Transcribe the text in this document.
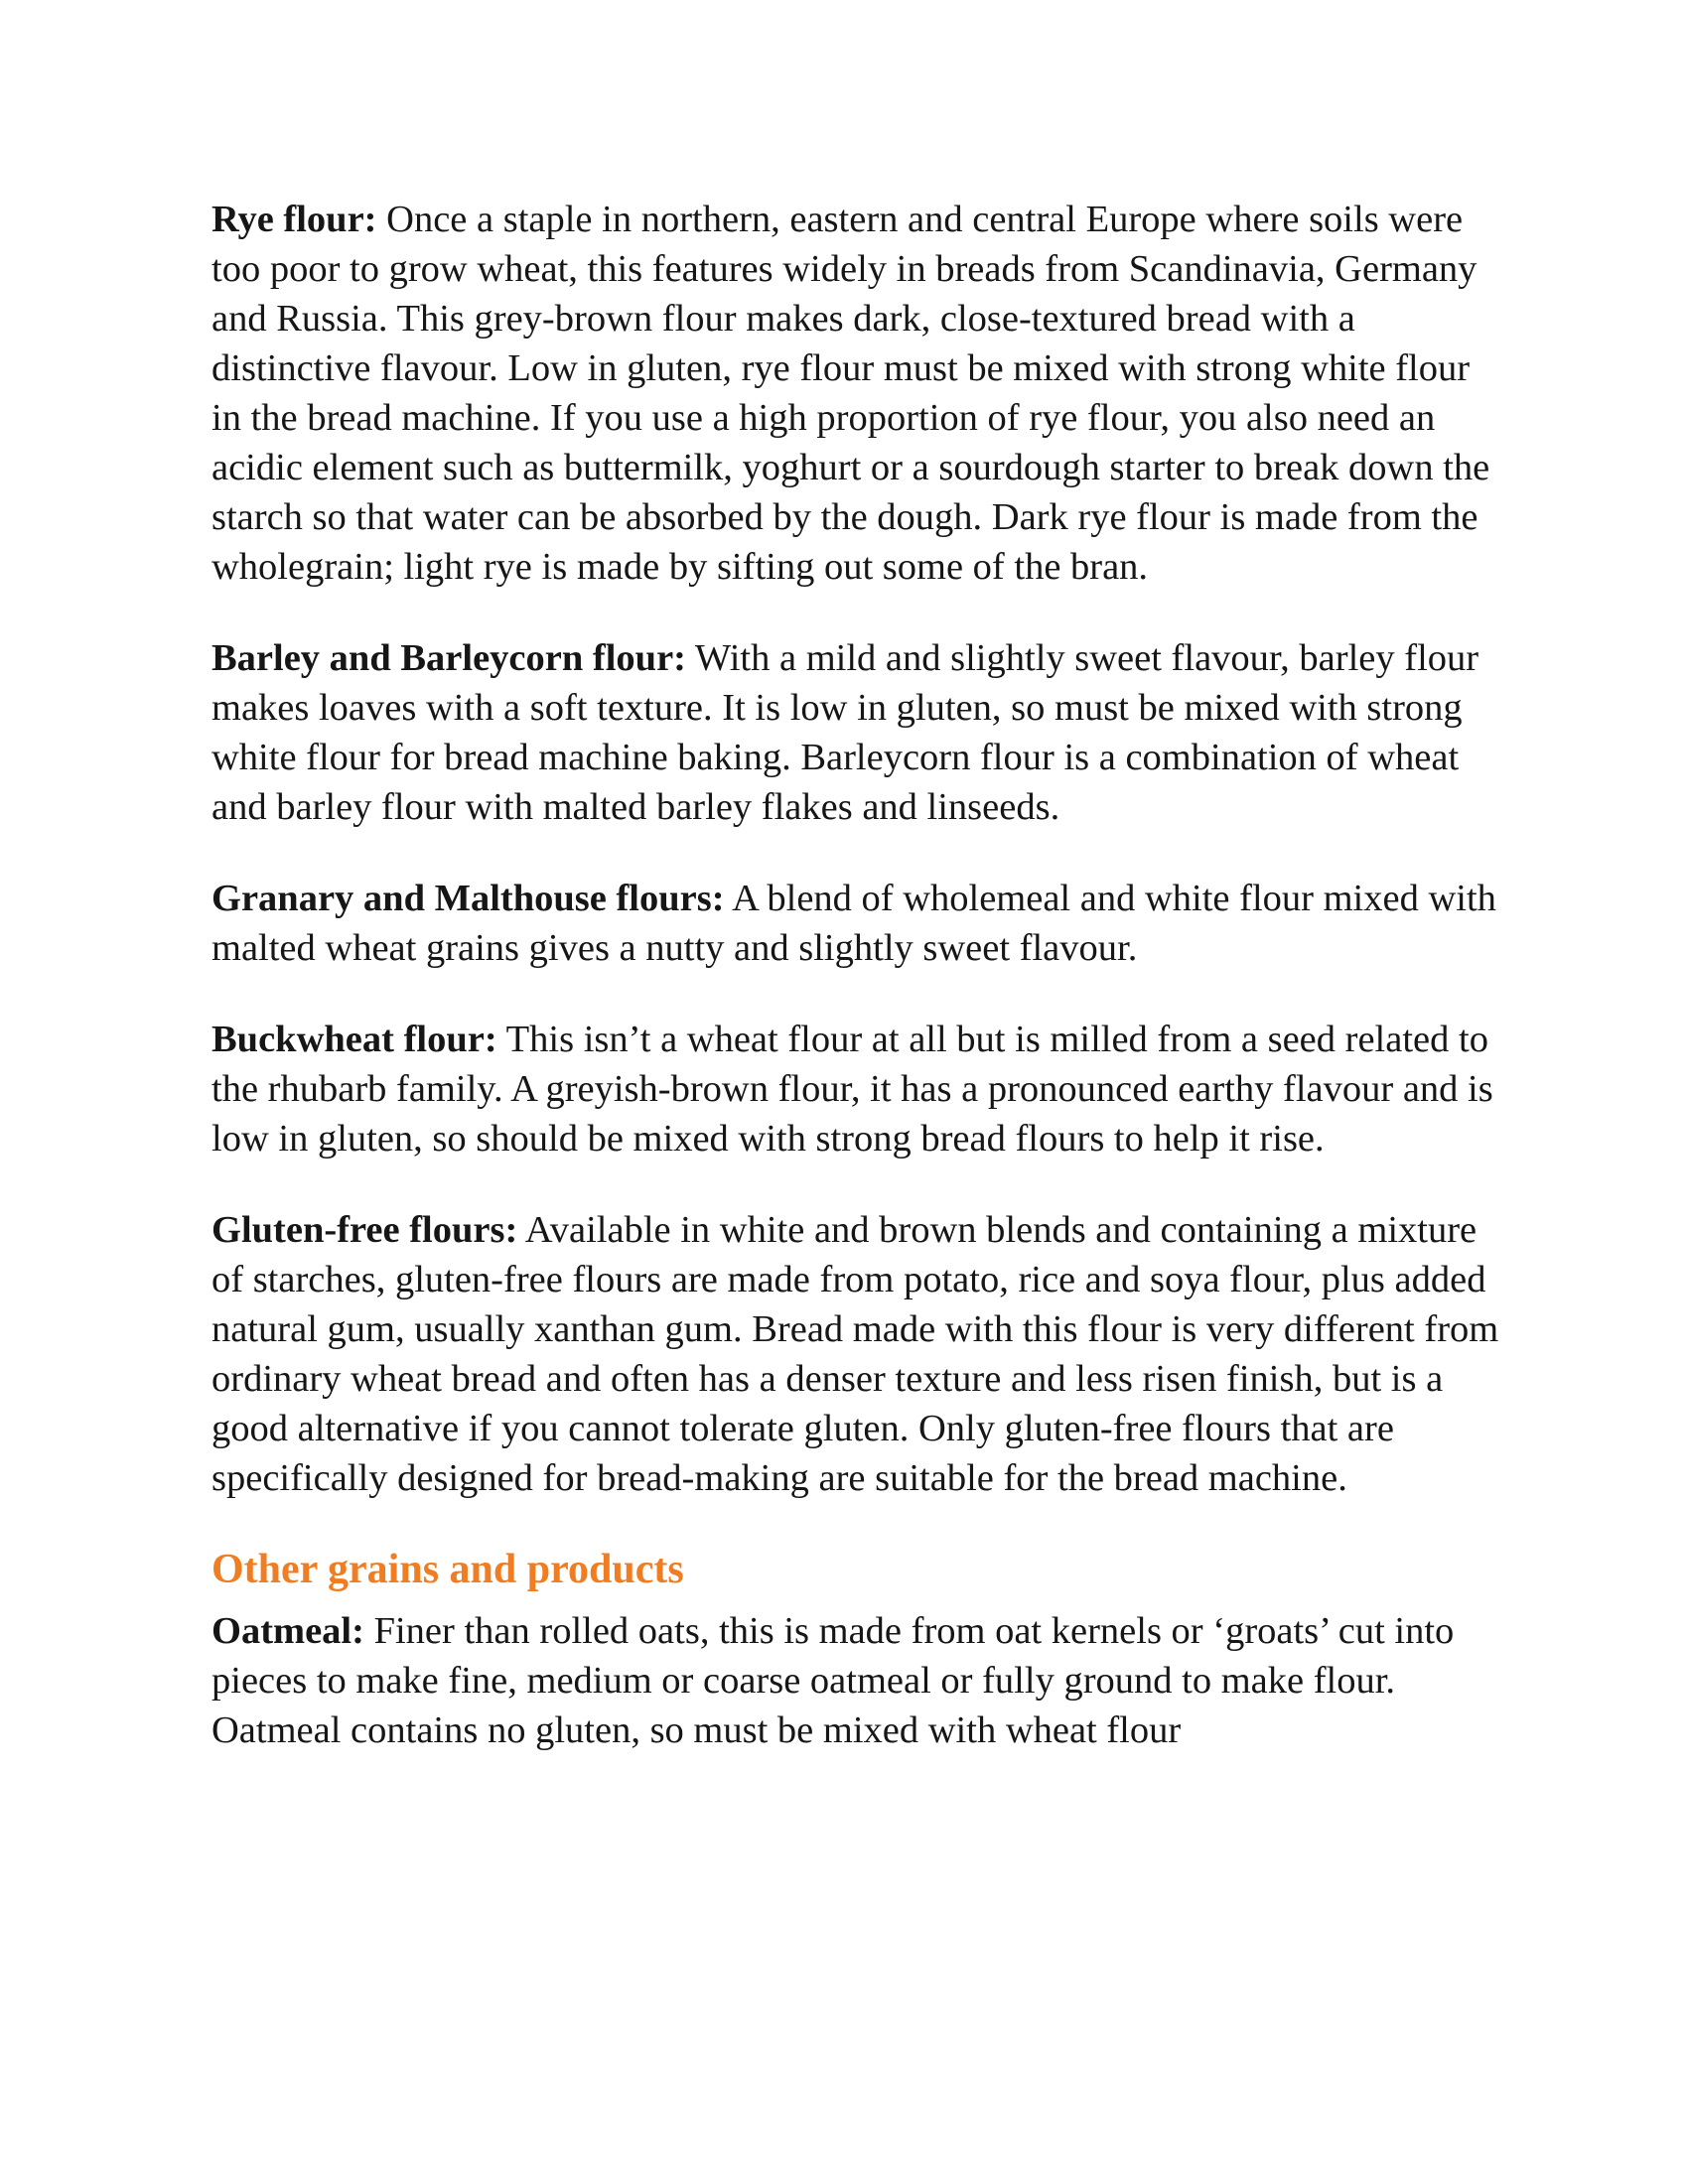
Rye flour: Once a staple in northern, eastern and central Europe where soils were too poor to grow wheat, this features widely in breads from Scandinavia, Germany and Russia. This grey-brown flour makes dark, close-textured bread with a distinctive flavour. Low in gluten, rye flour must be mixed with strong white flour in the bread machine. If you use a high proportion of rye flour, you also need an acidic element such as buttermilk, yoghurt or a sourdough starter to break down the starch so that water can be absorbed by the dough. Dark rye flour is made from the wholegrain; light rye is made by sifting out some of the bran.

Barley and Barleycorn flour: With a mild and slightly sweet flavour, barley flour makes loaves with a soft texture. It is low in gluten, so must be mixed with strong white flour for bread machine baking. Barleycorn flour is a combination of wheat and barley flour with malted barley flakes and linseeds.

Granary and Malthouse flours: A blend of wholemeal and white flour mixed with malted wheat grains gives a nutty and slightly sweet flavour.

Buckwheat flour: This isn’t a wheat flour at all but is milled from a seed related to the rhubarb family. A greyish-brown flour, it has a pronounced earthy flavour and is low in gluten, so should be mixed with strong bread flours to help it rise.

Gluten-free flours: Available in white and brown blends and containing a mixture of starches, gluten-free flours are made from potato, rice and soya flour, plus added natural gum, usually xanthan gum. Bread made with this flour is very different from ordinary wheat bread and often has a denser texture and less risen finish, but is a good alternative if you cannot tolerate gluten. Only gluten-free flours that are specifically designed for bread-making are suitable for the bread machine.

Other grains and products

Oatmeal: Finer than rolled oats, this is made from oat kernels or ‘groats’ cut into pieces to make fine, medium or coarse oatmeal or fully ground to make flour. Oatmeal contains no gluten, so must be mixed with wheat flour
